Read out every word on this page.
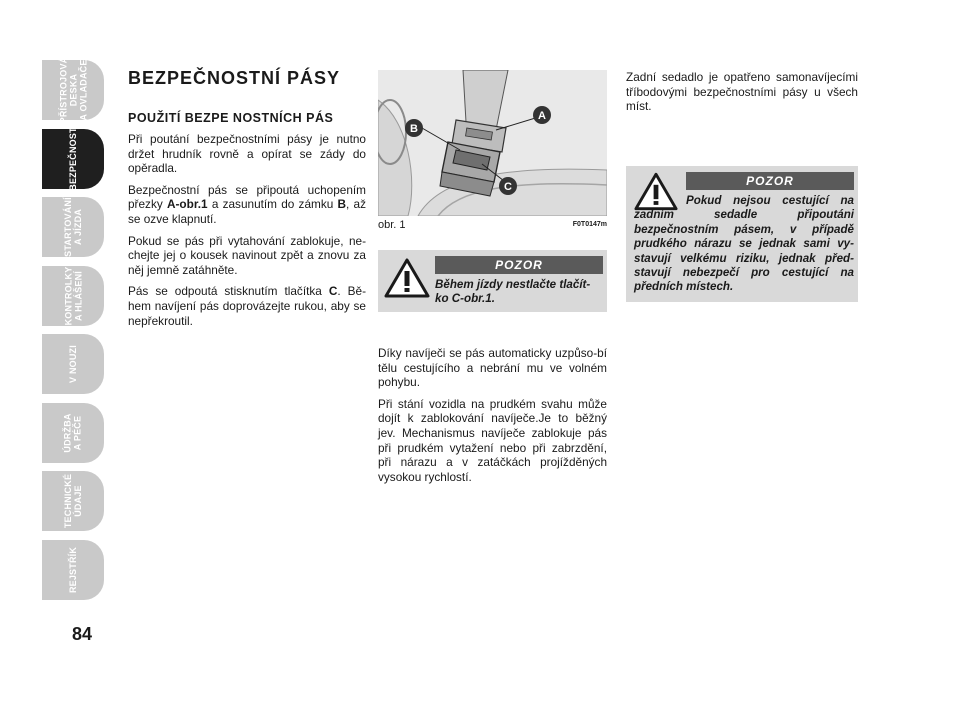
PŘÍSTROJOVÁ DESKA A OVLADAČE
BEZPEČNOST
STARTOVÁNÍ A JÍZDA
KONTROLKY A HLÁŠENÍ
V NOUZI
ÚDRŽBA A PÉČE
TECHNICKÉ ÚDAJE
REJSTŘÍK
84
BEZPEČNOSTNÍ PÁSY
POUŽITÍ BEZPE NOSTNÍCH PÁS

Při poutání bezpečnostními pásy je nutno držet hrudník rovně a opírat se zády do opěradla.

Bezpečnostní pás se připoutá uchopením přezky A-obr.1 a zasunutím do zámku B, až se ozve klapnutí.

Pokud se pás při vytahování zablokuje, ne-chejte jej o kousek navinout zpět a znovu za něj jemně zatáhněte.

Pás se odpoutá stisknutím tlačítka C. Bě-hem navíjení pás doprovázejte rukou, aby se nepřekroutil.

B
A
C
obr. 1	F0T0147m
POZOR

Během jízdy nestlačte tlačít-ko C-obr.1.

Díky navíječi se pás automaticky uzpůso-bí tělu cestujícího a nebrání mu ve volném pohybu.

Při stání vozidla na prudkém svahu může dojít k zablokování navíječe.Je to běžný jev. Mechanismus navíječe zablokuje pás při prudkém vytažení nebo při zabrzdění, při nárazu a v zatáčkách projížděných vysokou rychlostí.

Zadní sedadlo je opatřeno samonavíjecími tříbodovými bezpečnostními pásy u všech míst.

POZOR

Pokud nejsou cestující na zadním sedadle připoutáni bezpečnostním pásem, v případě prudkého nárazu se jednak sami vy-stavují velkému riziku, jednak před-stavují nebezpečí pro cestující na předních místech.
